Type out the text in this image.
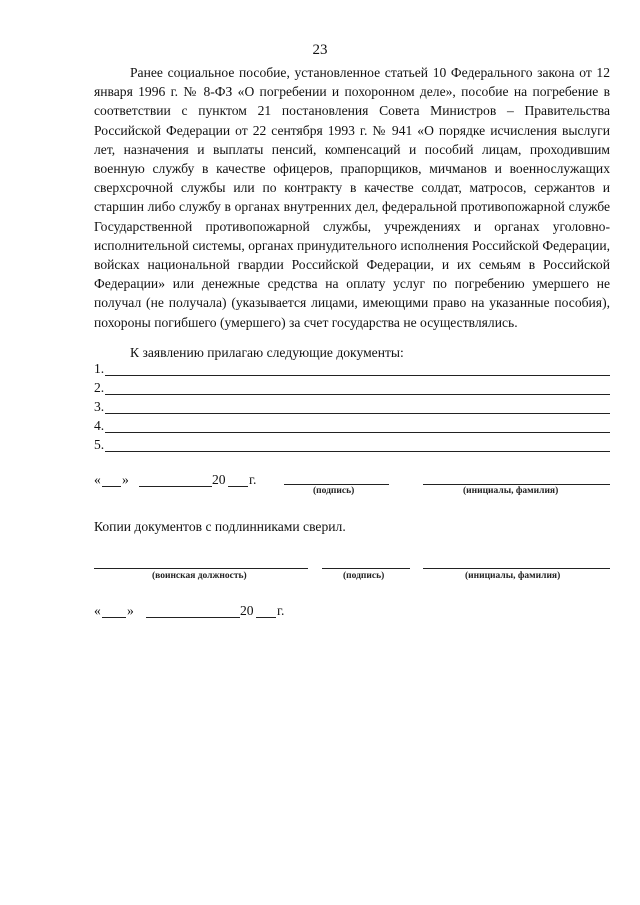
23

Ранее социальное пособие, установленное статьей 10 Федерального закона от 12 января 1996 г. № 8-ФЗ «О погребении и похоронном деле», пособие на погребение в соответствии с пунктом 21 постановления Совета Министров – Правительства Российской Федерации от 22 сентября 1993 г. № 941 «О порядке исчисления выслуги лет, назначения и выплаты пенсий, компенсаций и пособий лицам, проходившим военную службу в качестве офицеров, прапорщиков, мичманов и военнослужащих сверхсрочной службы или по контракту в качестве солдат, матросов, сержантов и старшин либо службу в органах внутренних дел, федеральной противопожарной службе Государственной противопожарной службы, учреждениях и органах уголовно-исполнительной системы, органах принудительного исполнения Российской Федерации, войсках национальной гвардии Российской Федерации, и их семьям в Российской Федерации» или денежные средства на оплату услуг по погребению умершего не получал (не получала) (указывается лицами, имеющими право на указанные пособия), похороны погибшего (умершего) за счет государства не осуществлялись.

К заявлению прилагаю следующие документы:
1.
2.
3.
4.
5.
« »	20 г.
(подпись)	(инициалы, фамилия)
Копии документов с подлинниками сверил.
(воинская должность)	(подпись)	(инициалы, фамилия)
« »	20 г.
